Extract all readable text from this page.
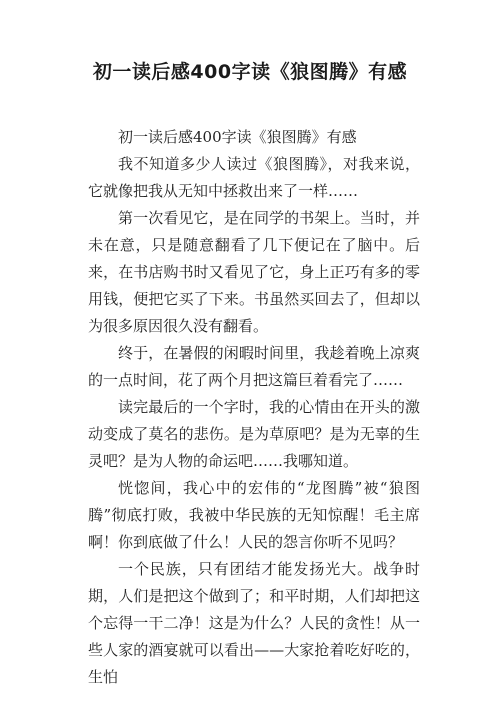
初一读后感400字读《狼图腾》有感

初一读后感400字读《狼图腾》有感

我不知道多少人读过《狼图腾》，对我来说，它就像把我从无知中拯救出来了一样……

第一次看见它，是在同学的书架上。当时，并未在意，只是随意翻看了几下便记在了脑中。后来，在书店购书时又看见了它，身上正巧有多的零用钱，便把它买了下来。书虽然买回去了，但却以为很多原因很久没有翻看。

终于，在暑假的闲暇时间里，我趁着晚上凉爽的一点时间，花了两个月把这篇巨着看完了……

读完最后的一个字时，我的心情由在开头的激动变成了莫名的悲伤。是为草原吧？是为无辜的生灵吧？是为人物的命运吧……我哪知道。

恍惚间，我心中的宏伟的“龙图腾”被“狼图腾”彻底打败，我被中华民族的无知惊醒！毛主席啊！你到底做了什么！人民的怨言你听不见吗？

一个民族，只有团结才能发扬光大。战争时期，人们是把这个做到了；和平时期，人们却把这个忘得一干二净！这是为什么？人民的贪性！从一些人家的酒宴就可以看出——大家抢着吃好吃的，生怕
